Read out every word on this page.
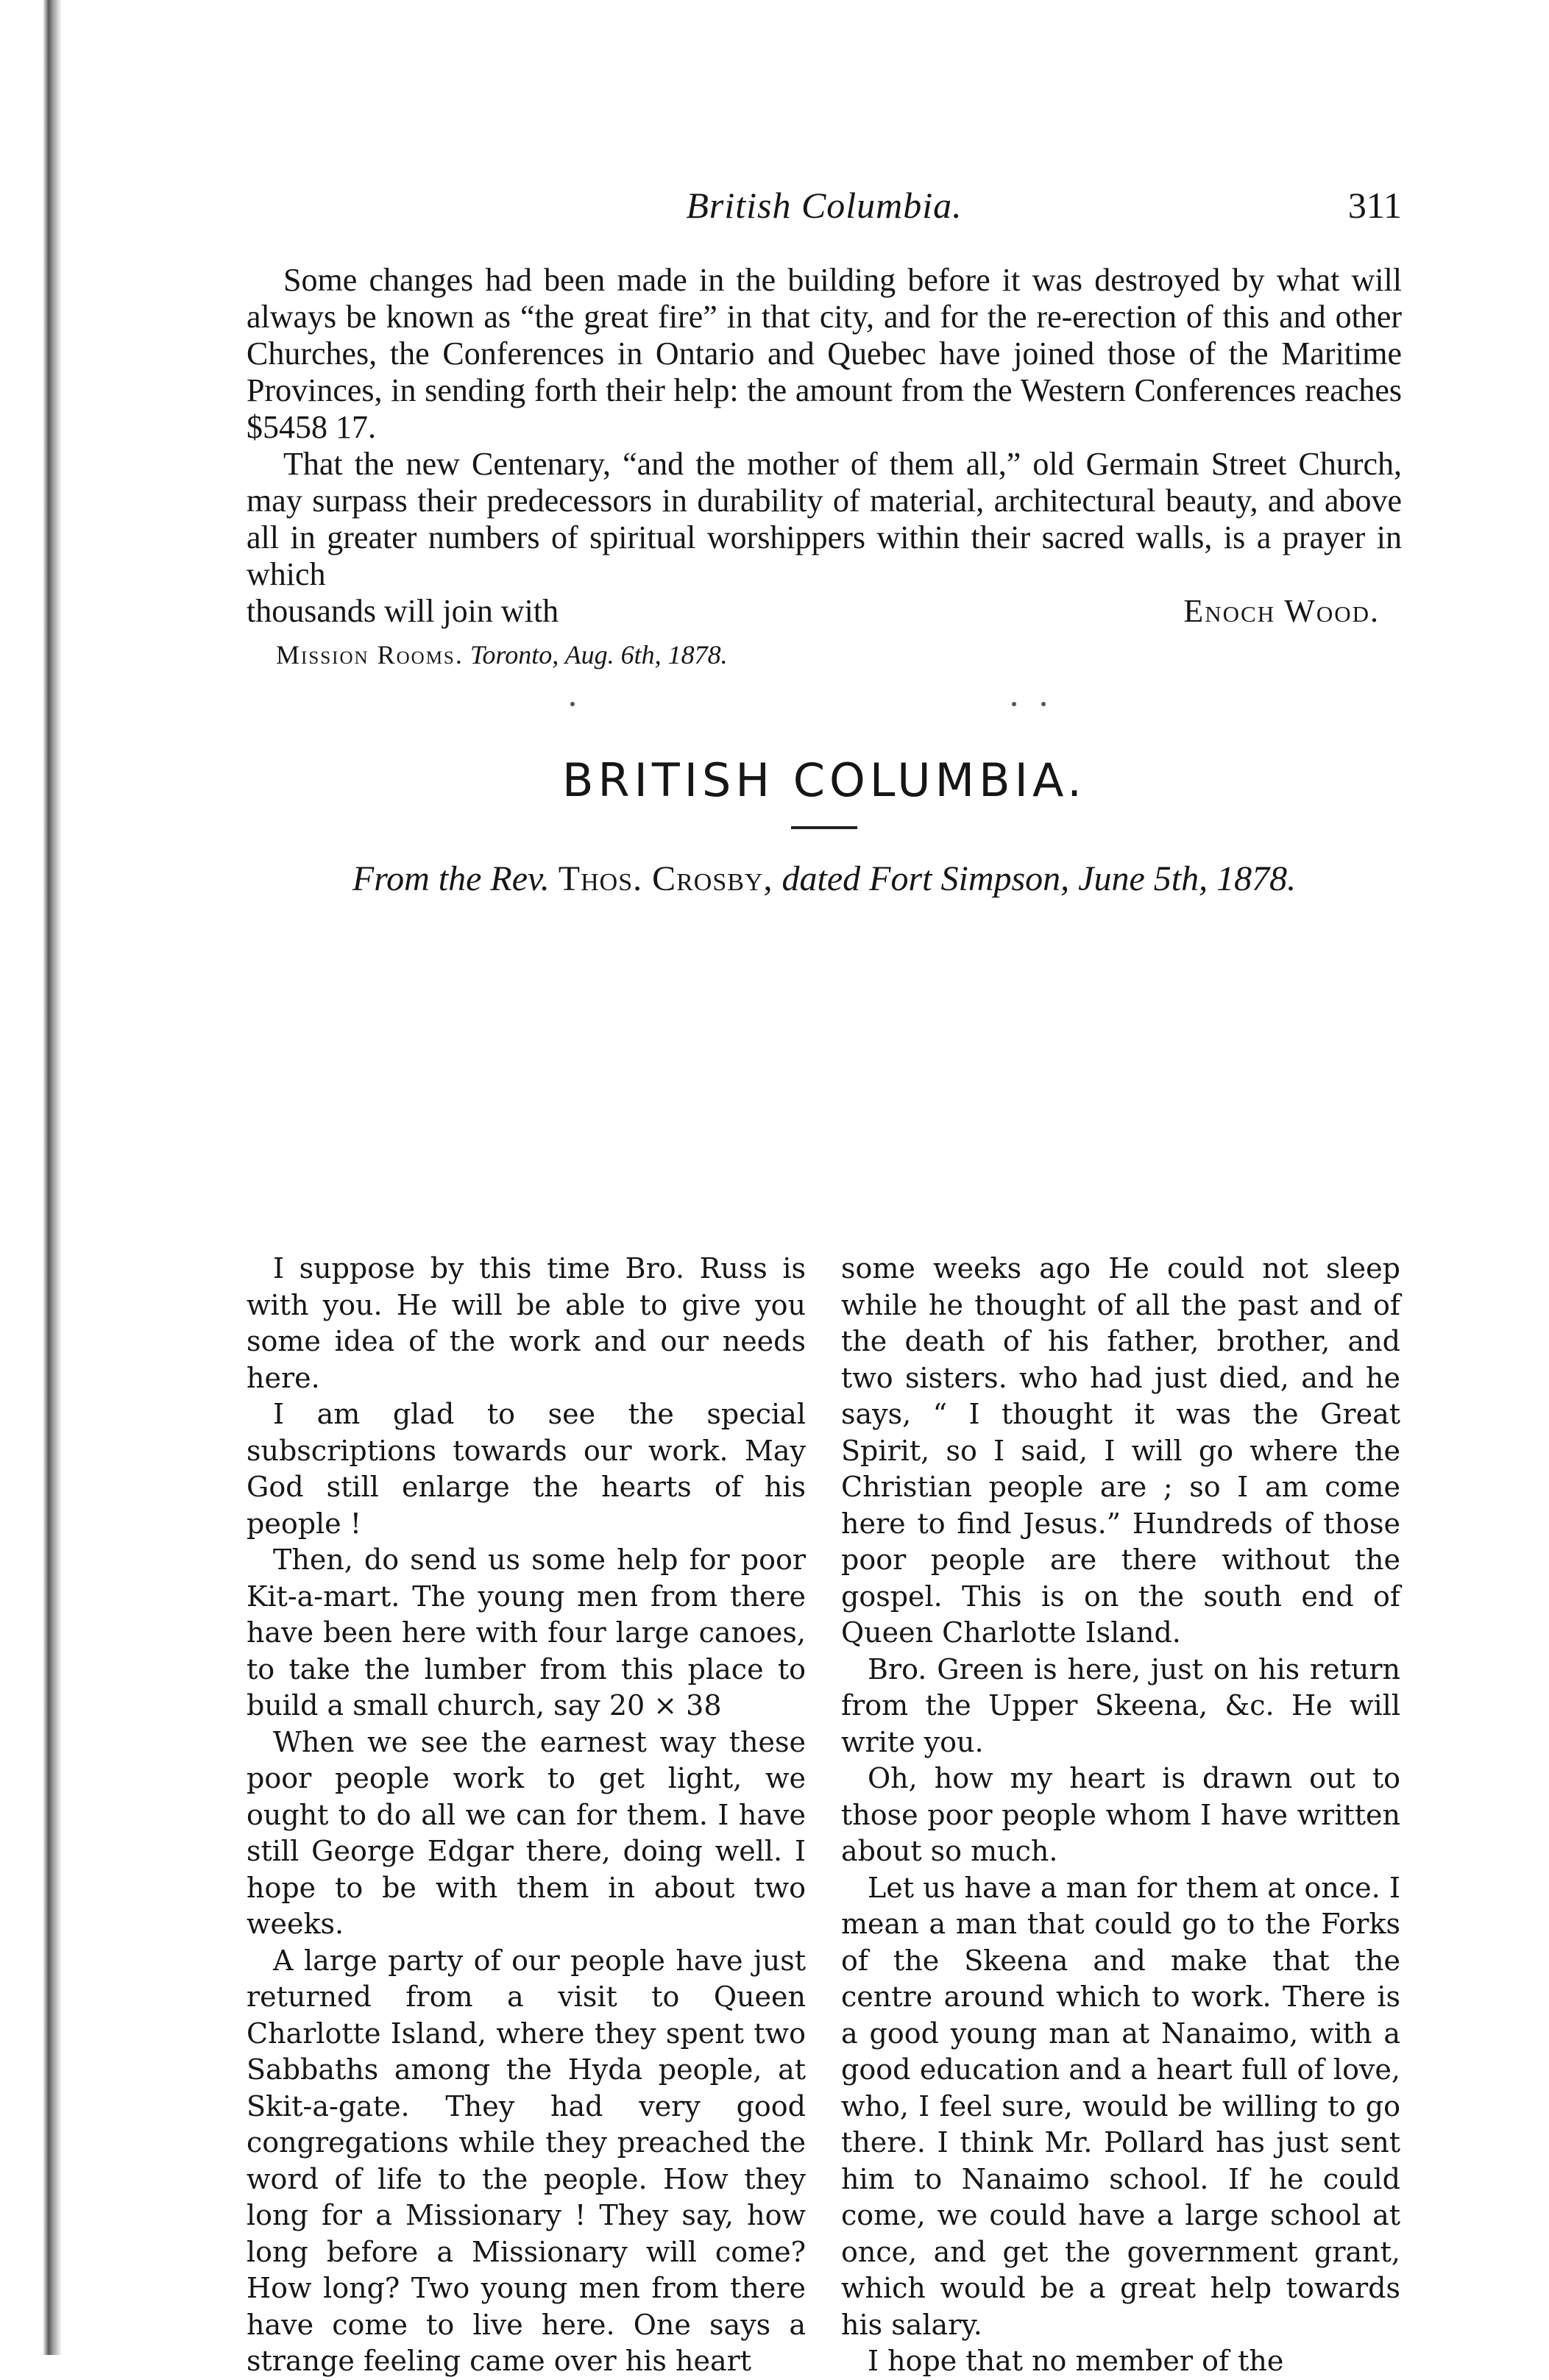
British Columbia.	311

Some changes had been made in the building before it was destroyed by what will always be known as “the great fire” in that city, and for the re-erection of this and other Churches, the Conferences in Ontario and Quebec have joined those of the Maritime Provinces, in sending forth their help: the amount from the Western Conferences reaches $5458 17.

That the new Centenary, “and the mother of them all,” old Germain Street Church, may surpass their predecessors in durability of material, architectural beauty, and above all in greater numbers of spiritual worshippers within their sacred walls, is a prayer in which

thousands will join with	Enoch Wood.

Mission Rooms. Toronto, Aug. 6th, 1878.

BRITISH COLUMBIA.
From the Rev. Thos. Crosby, dated Fort Simpson, June 5th, 1878.

I suppose by this time Bro. Russ is with you. He will be able to give you some idea of the work and our needs here.

I am glad to see the special subscriptions towards our work. May God still enlarge the hearts of his people !

Then, do send us some help for poor Kit-a-mart. The young men from there have been here with four large canoes, to take the lumber from this place to build a small church, say 20 × 38

When we see the earnest way these poor people work to get light, we ought to do all we can for them. I have still George Edgar there, doing well. I hope to be with them in about two weeks.

A large party of our people have just returned from a visit to Queen Charlotte Island, where they spent two Sabbaths among the Hyda people, at Skit-a-gate. They had very good congregations while they preached the word of life to the people. How they long for a Missionary ! They say, how long before a Missionary will come? How long? Two young men from there have come to live here. One says a strange feeling came over his heart

some weeks ago He could not sleep while he thought of all the past and of the death of his father, brother, and two sisters. who had just died, and he says, “ I thought it was the Great Spirit, so I said, I will go where the Christian people are ; so I am come here to find Jesus.” Hundreds of those poor people are there without the gospel. This is on the south end of Queen Charlotte Island.

Bro. Green is here, just on his return from the Upper Skeena, &c. He will write you.

Oh, how my heart is drawn out to those poor people whom I have written about so much.

Let us have a man for them at once. I mean a man that could go to the Forks of the Skeena and make that the centre around which to work. There is a good young man at Nanaimo, with a good education and a heart full of love, who, I feel sure, would be willing to go there. I think Mr. Pollard has just sent him to Nanaimo school. If he could come, we could have a large school at once, and get the government grant, which would be a great help towards his salary.

I hope that no member of the
